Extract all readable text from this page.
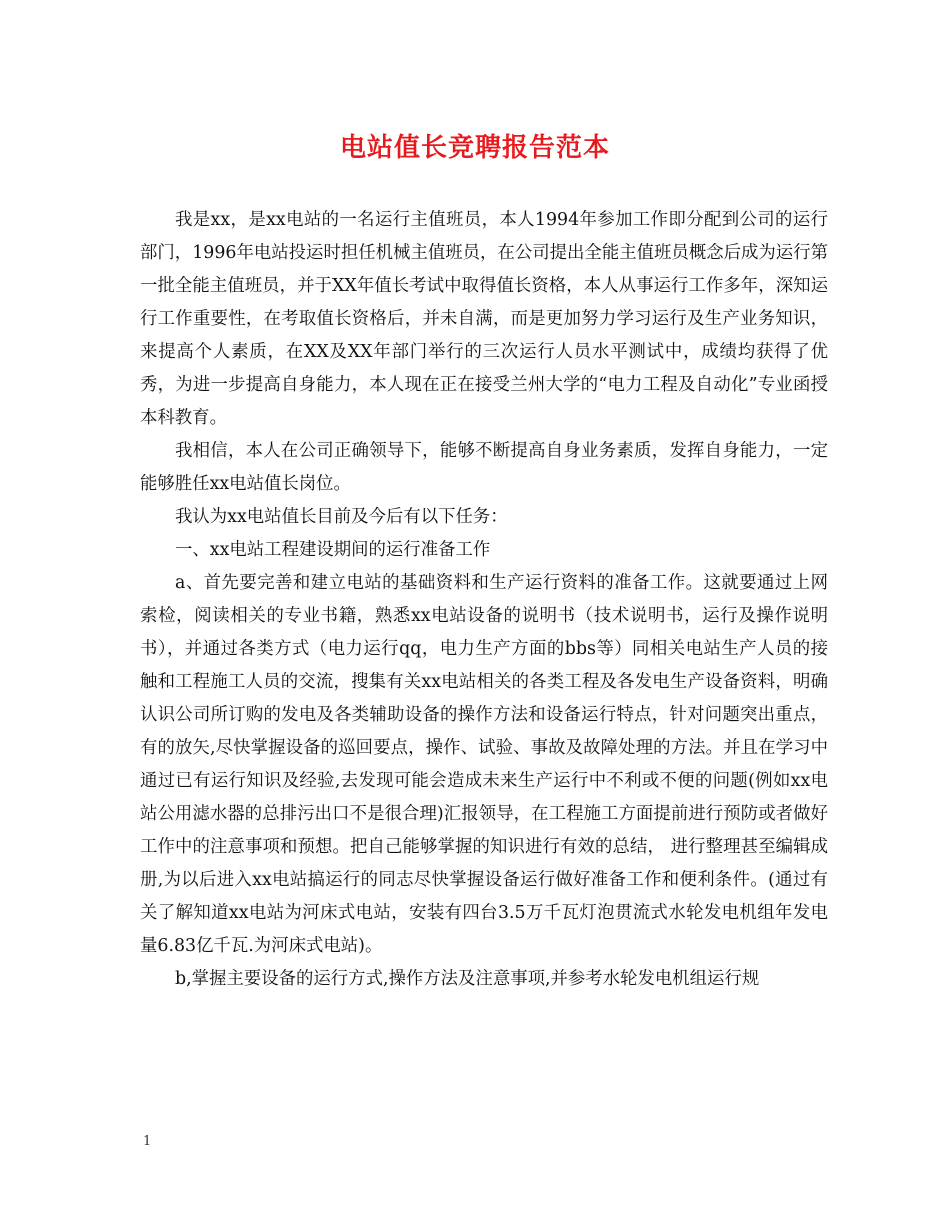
电站值长竞聘报告范本

我是xx，是xx电站的一名运行主值班员，本人1994年参加工作即分配到公司的运行部门，1996年电站投运时担任机械主值班员，在公司提出全能主值班员概念后成为运行第一批全能主值班员，并于XX年值长考试中取得值长资格，本人从事运行工作多年，深知运行工作重要性，在考取值长资格后，并未自满，而是更加努力学习运行及生产业务知识，来提高个人素质，在XX及XX年部门举行的三次运行人员水平测试中，成绩均获得了优秀，为进一步提高自身能力，本人现在正在接受兰州大学的“电力工程及自动化”专业函授本科教育。

我相信，本人在公司正确领导下，能够不断提高自身业务素质，发挥自身能力，一定能够胜任xx电站值长岗位。

我认为xx电站值长目前及今后有以下任务：

一、xx电站工程建设期间的运行准备工作

a、首先要完善和建立电站的基础资料和生产运行资料的准备工作。这就要通过上网索检，阅读相关的专业书籍，熟悉xx电站设备的说明书（技术说明书，运行及操作说明书），并通过各类方式（电力运行qq，电力生产方面的bbs等）同相关电站生产人员的接触和工程施工人员的交流，搜集有关xx电站相关的各类工程及各发电生产设备资料，明确认识公司所订购的发电及各类辅助设备的操作方法和设备运行特点，针对问题突出重点，有的放矢,尽快掌握设备的巡回要点，操作、试验、事故及故障处理的方法。并且在学习中通过已有运行知识及经验,去发现可能会造成未来生产运行中不利或不便的问题(例如xx电站公用滤水器的总排污出口不是很合理)汇报领导，在工程施工方面提前进行预防或者做好工作中的注意事项和预想。把自己能够掌握的知识进行有效的总结， 进行整理甚至编辑成册,为以后进入xx电站搞运行的同志尽快掌握设备运行做好准备工作和便利条件。(通过有关了解知道xx电站为河床式电站，安装有四台3.5万千瓦灯泡贯流式水轮发电机组年发电量6.83亿千瓦.为河床式电站)。

b,掌握主要设备的运行方式,操作方法及注意事项,并参考水轮发电机组运行规

1
